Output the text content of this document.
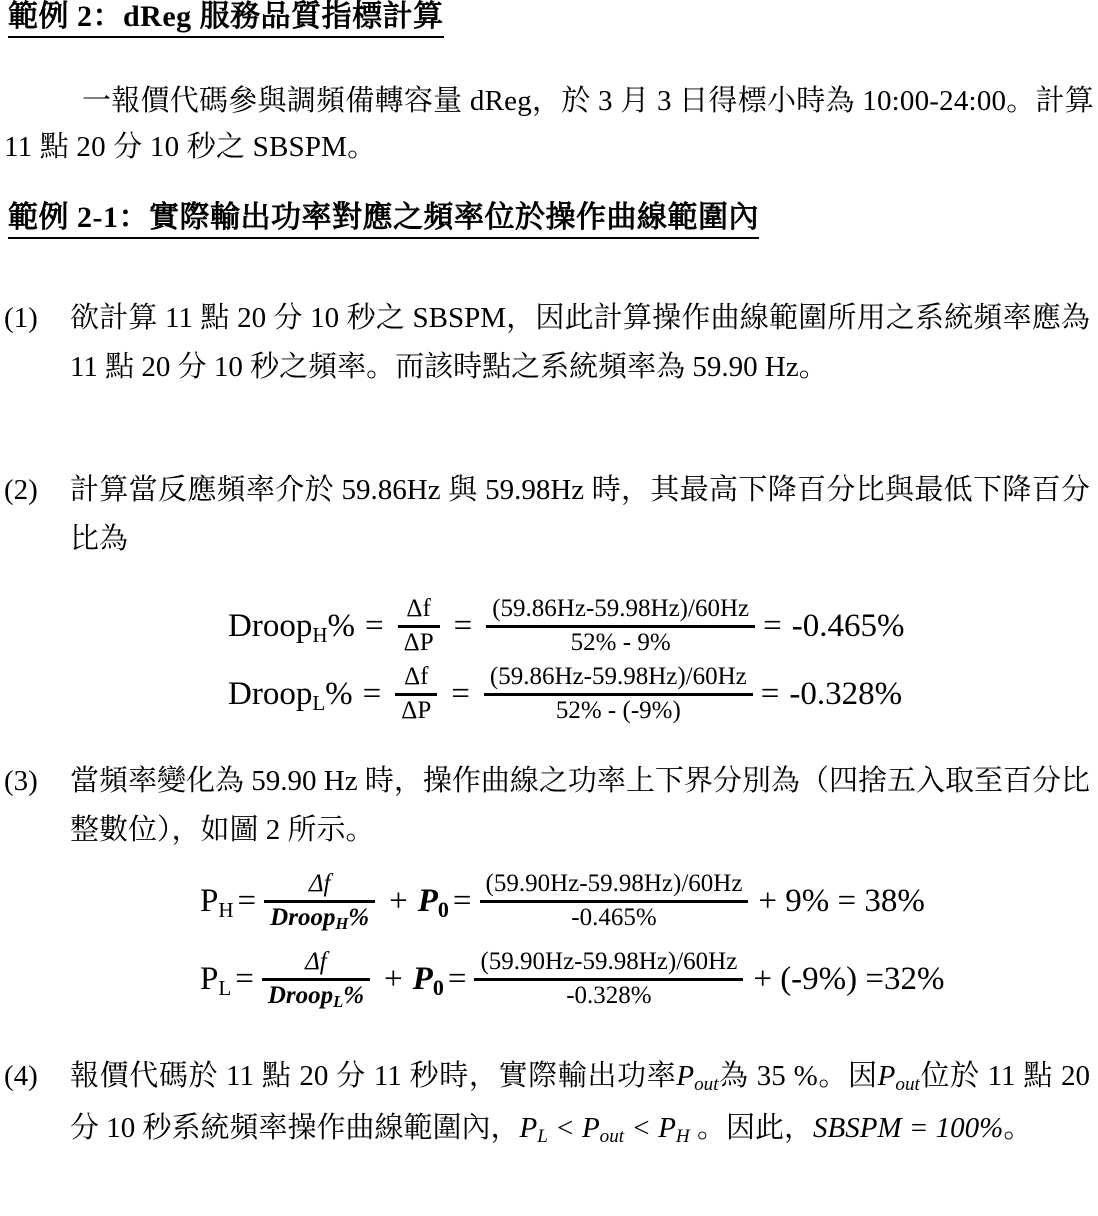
範例 2：dReg 服務品質指標計算
一報價代碼參與調頻備轉容量 dReg，於 3 月 3 日得標小時為 10:00-24:00。計算 11 點 20 分 10 秒之 SBSPM。
範例 2-1：實際輸出功率對應之頻率位於操作曲線範圍內
(1)	欲計算 11 點 20 分 10 秒之 SBSPM，因此計算操作曲線範圍所用之系統頻率應為 11 點 20 分 10 秒之頻率。而該時點之系統頻率為 59.90 Hz。
(2)	計算當反應頻率介於 59.86Hz 與 59.98Hz 時，其最高下降百分比與最低下降百分比為
Droop H % = $\frac{\Delta f}{\Delta P} = \frac{(59.86Hz-59.98Hz)/60Hz}{52\% - 9\%} = -0.465\%$
Droop L % = $\frac{\Delta f}{\Delta P} = \frac{(59.86Hz-59.98Hz)/60Hz}{52\% - (-9\%)} = -0.328\%$
(3)	當頻率變化為 59.90 Hz 時，操作曲線之功率上下界分別為（四捨五入取至百分比整數位），如圖 2 所示。
P $H = \frac{\Delta f}{\text{DroopH\%}} + P$ $0 = \frac{(59.90Hz-59.98Hz)/60Hz}{-0.465\%} + 9\% = 38\%$
P $L = \frac{\Delta f}{\text{DroopL\%}} + P$ $0 = \frac{(59.90Hz-59.98Hz)/60Hz}{-0.328\%} + (-9\%) =32\%$
(4)	報價代碼於 11 點 20 分 11 秒時，實際輸出功率Pout為 35 %。因Pout位於 11 點 20 分 10 秒系統頻率操作曲線範圍內，PL < Pout < PH 。因此，SBSPM = 100%。
